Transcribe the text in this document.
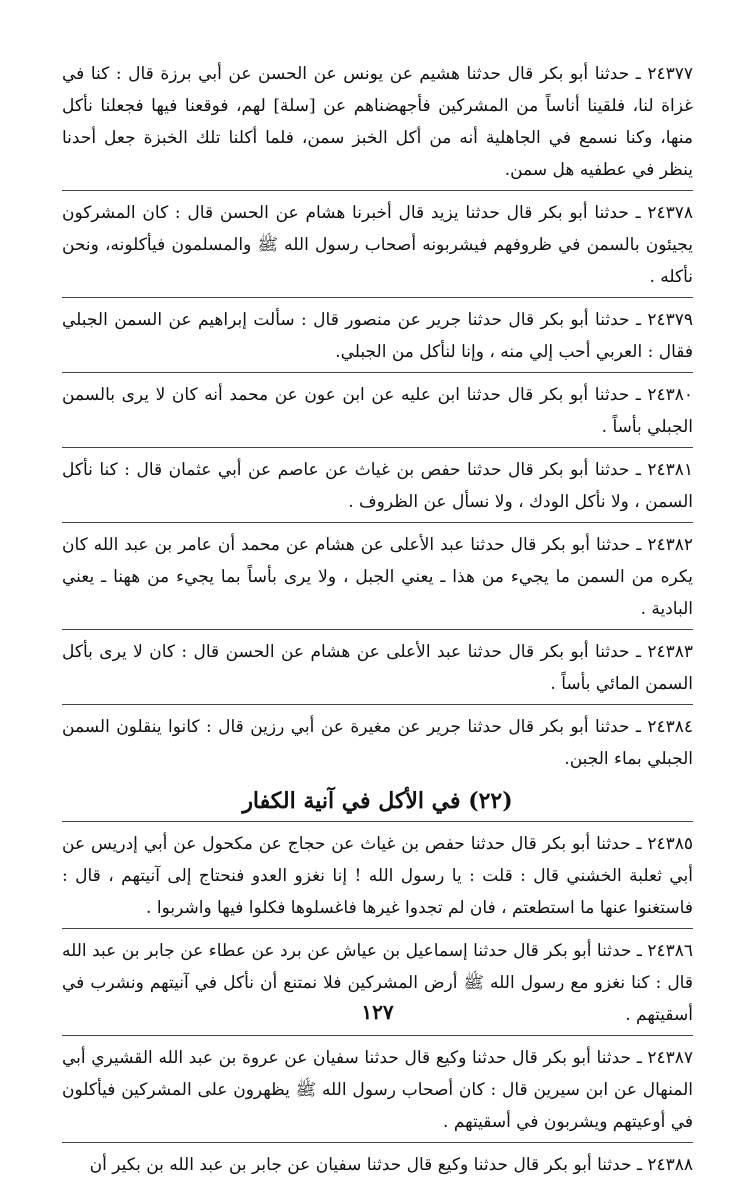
٢٤٣٧٧ ـ حدثنا أبو بكر قال حدثنا هشيم عن يونس عن الحسن عن أبي برزة قال : كنا في غزاة لنا، فلقينا أناساً من المشركين فأجهضناهم عن [سلة] لهم، فوقعنا فيها فجعلنا نأكل منها، وكنا نسمع في الجاهلية أنه من أكل الخبز سمن، فلما أكلنا تلك الخبزة جعل أحدنا ينظر في عطفيه هل سمن.

٢٤٣٧٨ ـ حدثنا أبو بكر قال حدثنا يزيد قال أخبرنا هشام عن الحسن قال : كان المشركون يجيئون بالسمن في ظروفهم فيشربونه أصحاب رسول الله ﷺ والمسلمون فيأكلونه، ونحن نأكله .

٢٤٣٧٩ ـ حدثنا أبو بكر قال حدثنا جرير عن منصور قال : سألت إبراهيم عن السمن الجبلي فقال : العربي أحب إلي منه ، وإنا لنأكل من الجبلي.

٢٤٣٨٠ ـ حدثنا أبو بكر قال حدثنا ابن عليه عن ابن عون عن محمد أنه كان لا يرى بالسمن الجبلي بأساً .

٢٤٣٨١ ـ حدثنا أبو بكر قال حدثنا حفص بن غياث عن عاصم عن أبي عثمان قال : كنا نأكل السمن ، ولا نأكل الودك ، ولا نسأل عن الظروف .

٢٤٣٨٢ ـ حدثنا أبو بكر قال حدثنا عبد الأعلى عن هشام عن محمد أن عامر بن عبد الله كان يكره من السمن ما يجيء من هذا ـ يعني الجبل ، ولا يرى بأساً بما يجيء من ههنا ـ يعني البادية .

٢٤٣٨٣ ـ حدثنا أبو بكر قال حدثنا عبد الأعلى عن هشام عن الحسن قال : كان لا يرى بأكل السمن المائي بأساً .

٢٤٣٨٤ ـ حدثنا أبو بكر قال حدثنا جرير عن مغيرة عن أبي رزين قال : كانوا ينقلون السمن الجبلي بماء الجبن.

(٢٢) في الأكل في آنية الكفار

٢٤٣٨٥ ـ حدثنا أبو بكر قال حدثنا حفص بن غياث عن حجاج عن مكحول عن أبي إدريس عن أبي ثعلبة الخشني قال : قلت : يا رسول الله ! إنا نغزو العدو فنحتاج إلى آنيتهم ، قال : فاستغنوا عنها ما استطعتم ، فان لم تجدوا غيرها فاغسلوها فكلوا فيها واشربوا .

٢٤٣٨٦ ـ حدثنا أبو بكر قال حدثنا إسماعيل بن عياش عن برد عن عطاء عن جابر بن عبد الله قال : كنا نغزو مع رسول الله ﷺ أرض المشركين فلا نمتنع أن نأكل في آنيتهم ونشرب في أسقيتهم .

٢٤٣٨٧ ـ حدثنا أبو بكر قال حدثنا وكيع قال حدثنا سفيان عن عروة بن عبد الله القشيري أبي المنهال عن ابن سيرين قال : كان أصحاب رسول الله ﷺ يظهرون على المشركين فيأكلون في أوعيتهم ويشربون في أسقيتهم .

٢٤٣٨٨ ـ حدثنا أبو بكر قال حدثنا وكيع قال حدثنا سفيان عن جابر بن عبد الله بن بكير أن

١٢٧
